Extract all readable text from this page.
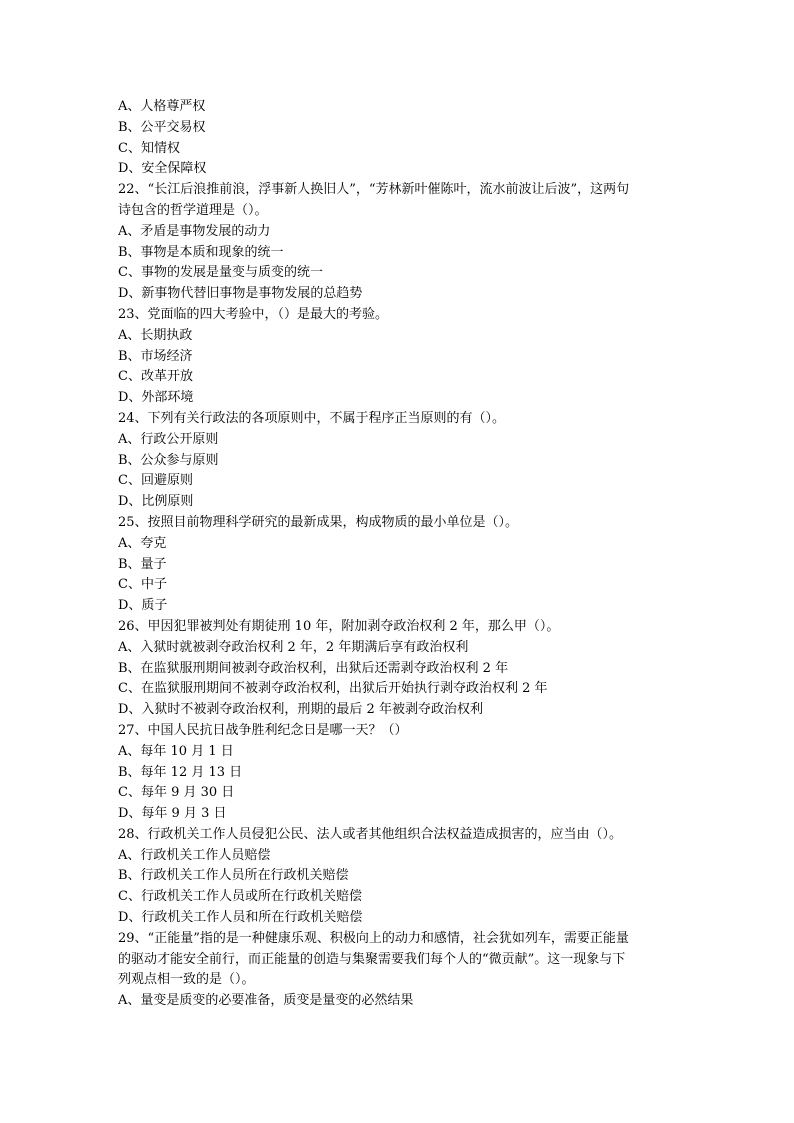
A、人格尊严权
B、公平交易权
C、知情权
D、安全保障权
22、“长江后浪推前浪，浮事新人换旧人”，“芳林新叶催陈叶，流水前波让后波”，这两句
诗包含的哲学道理是（）。
A、矛盾是事物发展的动力
B、事物是本质和现象的统一
C、事物的发展是量变与质变的统一
D、新事物代替旧事物是事物发展的总趋势
23、党面临的四大考验中，（）是最大的考验。
A、长期执政
B、市场经济
C、改革开放
D、外部环境
24、下列有关行政法的各项原则中，不属于程序正当原则的有（）。
A、行政公开原则
B、公众参与原则
C、回避原则
D、比例原则
25、按照目前物理科学研究的最新成果，构成物质的最小单位是（）。
A、夸克
B、量子
C、中子
D、质子
26、甲因犯罪被判处有期徒刑 10 年，附加剥夺政治权利 2 年，那么甲（）。
A、入狱时就被剥夺政治权利 2 年，2 年期满后享有政治权利
B、在监狱服刑期间被剥夺政治权利，出狱后还需剥夺政治权利 2 年
C、在监狱服刑期间不被剥夺政治权利，出狱后开始执行剥夺政治权利 2 年
D、入狱时不被剥夺政治权利，刑期的最后 2 年被剥夺政治权利
27、中国人民抗日战争胜利纪念日是哪一天？（）
A、每年 10 月 1 日
B、每年 12 月 13 日
C、每年 9 月 30 日
D、每年 9 月 3 日
28、行政机关工作人员侵犯公民、法人或者其他组织合法权益造成损害的，应当由（）。
A、行政机关工作人员赔偿
B、行政机关工作人员所在行政机关赔偿
C、行政机关工作人员或所在行政机关赔偿
D、行政机关工作人员和所在行政机关赔偿
29、“正能量”指的是一种健康乐观、积极向上的动力和感情，社会犹如列车，需要正能量
的驱动才能安全前行，而正能量的创造与集聚需要我们每个人的“微贡献”。这一现象与下
列观点相一致的是（）。
A、量变是质变的必要准备，质变是量变的必然结果
